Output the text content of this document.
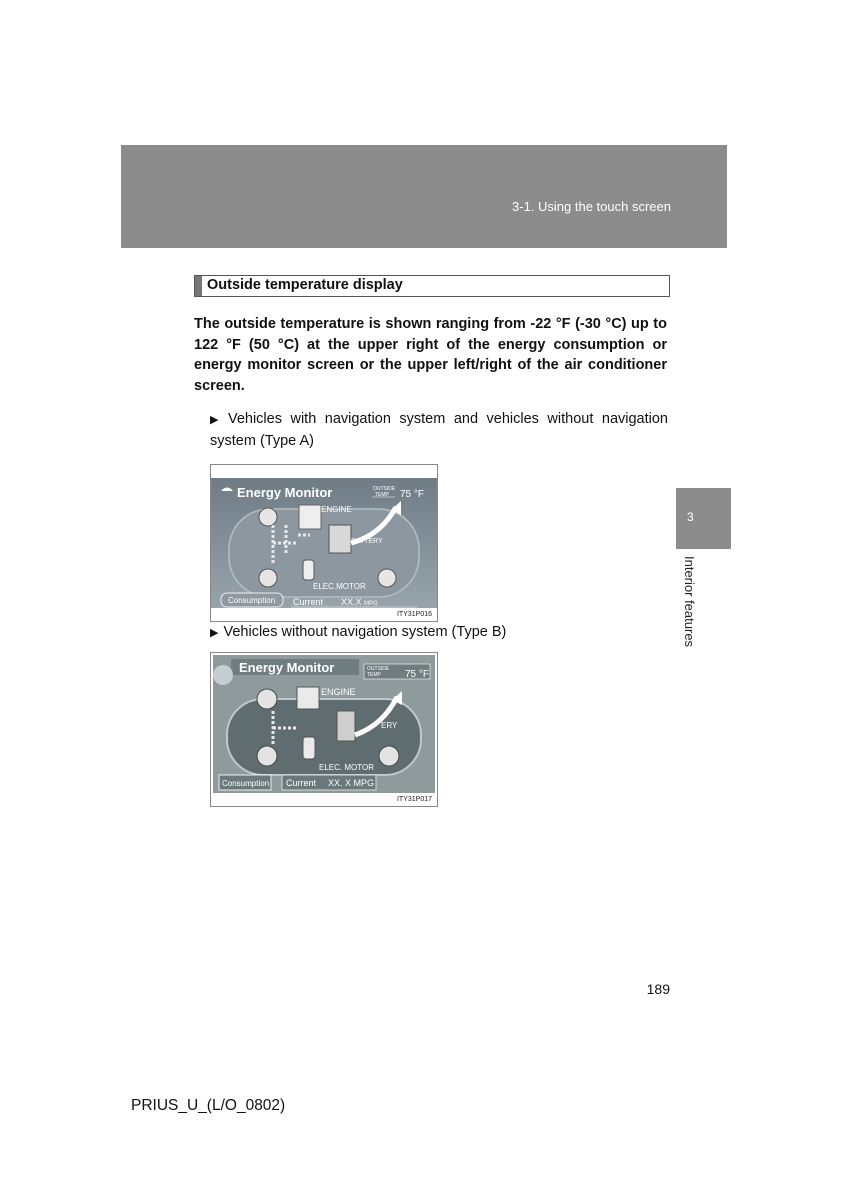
3-1. Using the touch screen
Outside temperature display

The outside temperature is shown ranging from -22 °F (-30 °C) up to 122 °F (50 °C) at the upper right of the energy consumption or energy monitor screen or the upper left/right of the air conditioner screen.

▶ Vehicles with navigation system and vehicles without navigation system (Type A)
Energy Monitor	OUTSIDE
TEMP 75 °F
ENGINE
BATTERY
ELEC.MOTOR
Consumption Current XX.X MPG
ITY31P016
▶ Vehicles without navigation system (Type B)
Energy Monitor	OUTSIDE
TEMP 75 °F
ENGINE
ERY
ELEC. MOTOR
Consumption Current XX. X MPG
ITY31P017
3
Interior features
189
PRIUS_U_(L/O_0802)
